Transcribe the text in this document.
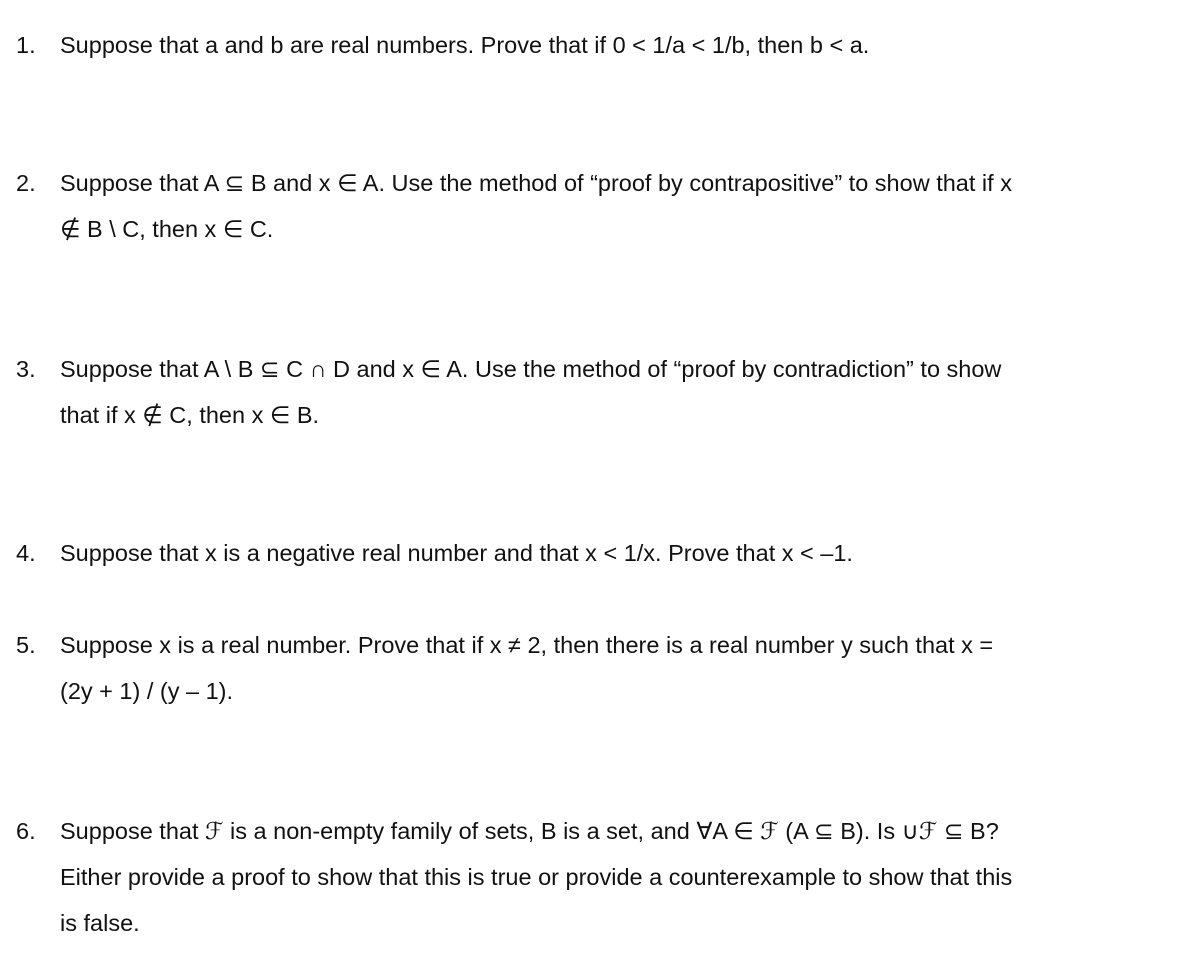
1. Suppose that a and b are real numbers. Prove that if 0 < 1/a < 1/b, then b < a.
2. Suppose that A ⊆ B and x ∈ A. Use the method of “proof by contrapositive” to show that if x
∉ B \ C, then x ∈ C.
3. Suppose that A \ B ⊆ C ∩ D and x ∈ A. Use the method of “proof by contradiction” to show
that if x ∉ C, then x ∈ B.
4. Suppose that x is a negative real number and that x < 1/x. Prove that x < –1.
5. Suppose x is a real number. Prove that if x ≠ 2, then there is a real number y such that x =
(2y + 1) / (y – 1).
6. Suppose that ℱ is a non-empty family of sets, B is a set, and ∀A ∈ ℱ (A ⊆ B). Is ∪ℱ ⊆ B?
Either provide a proof to show that this is true or provide a counterexample to show that this
is false.
